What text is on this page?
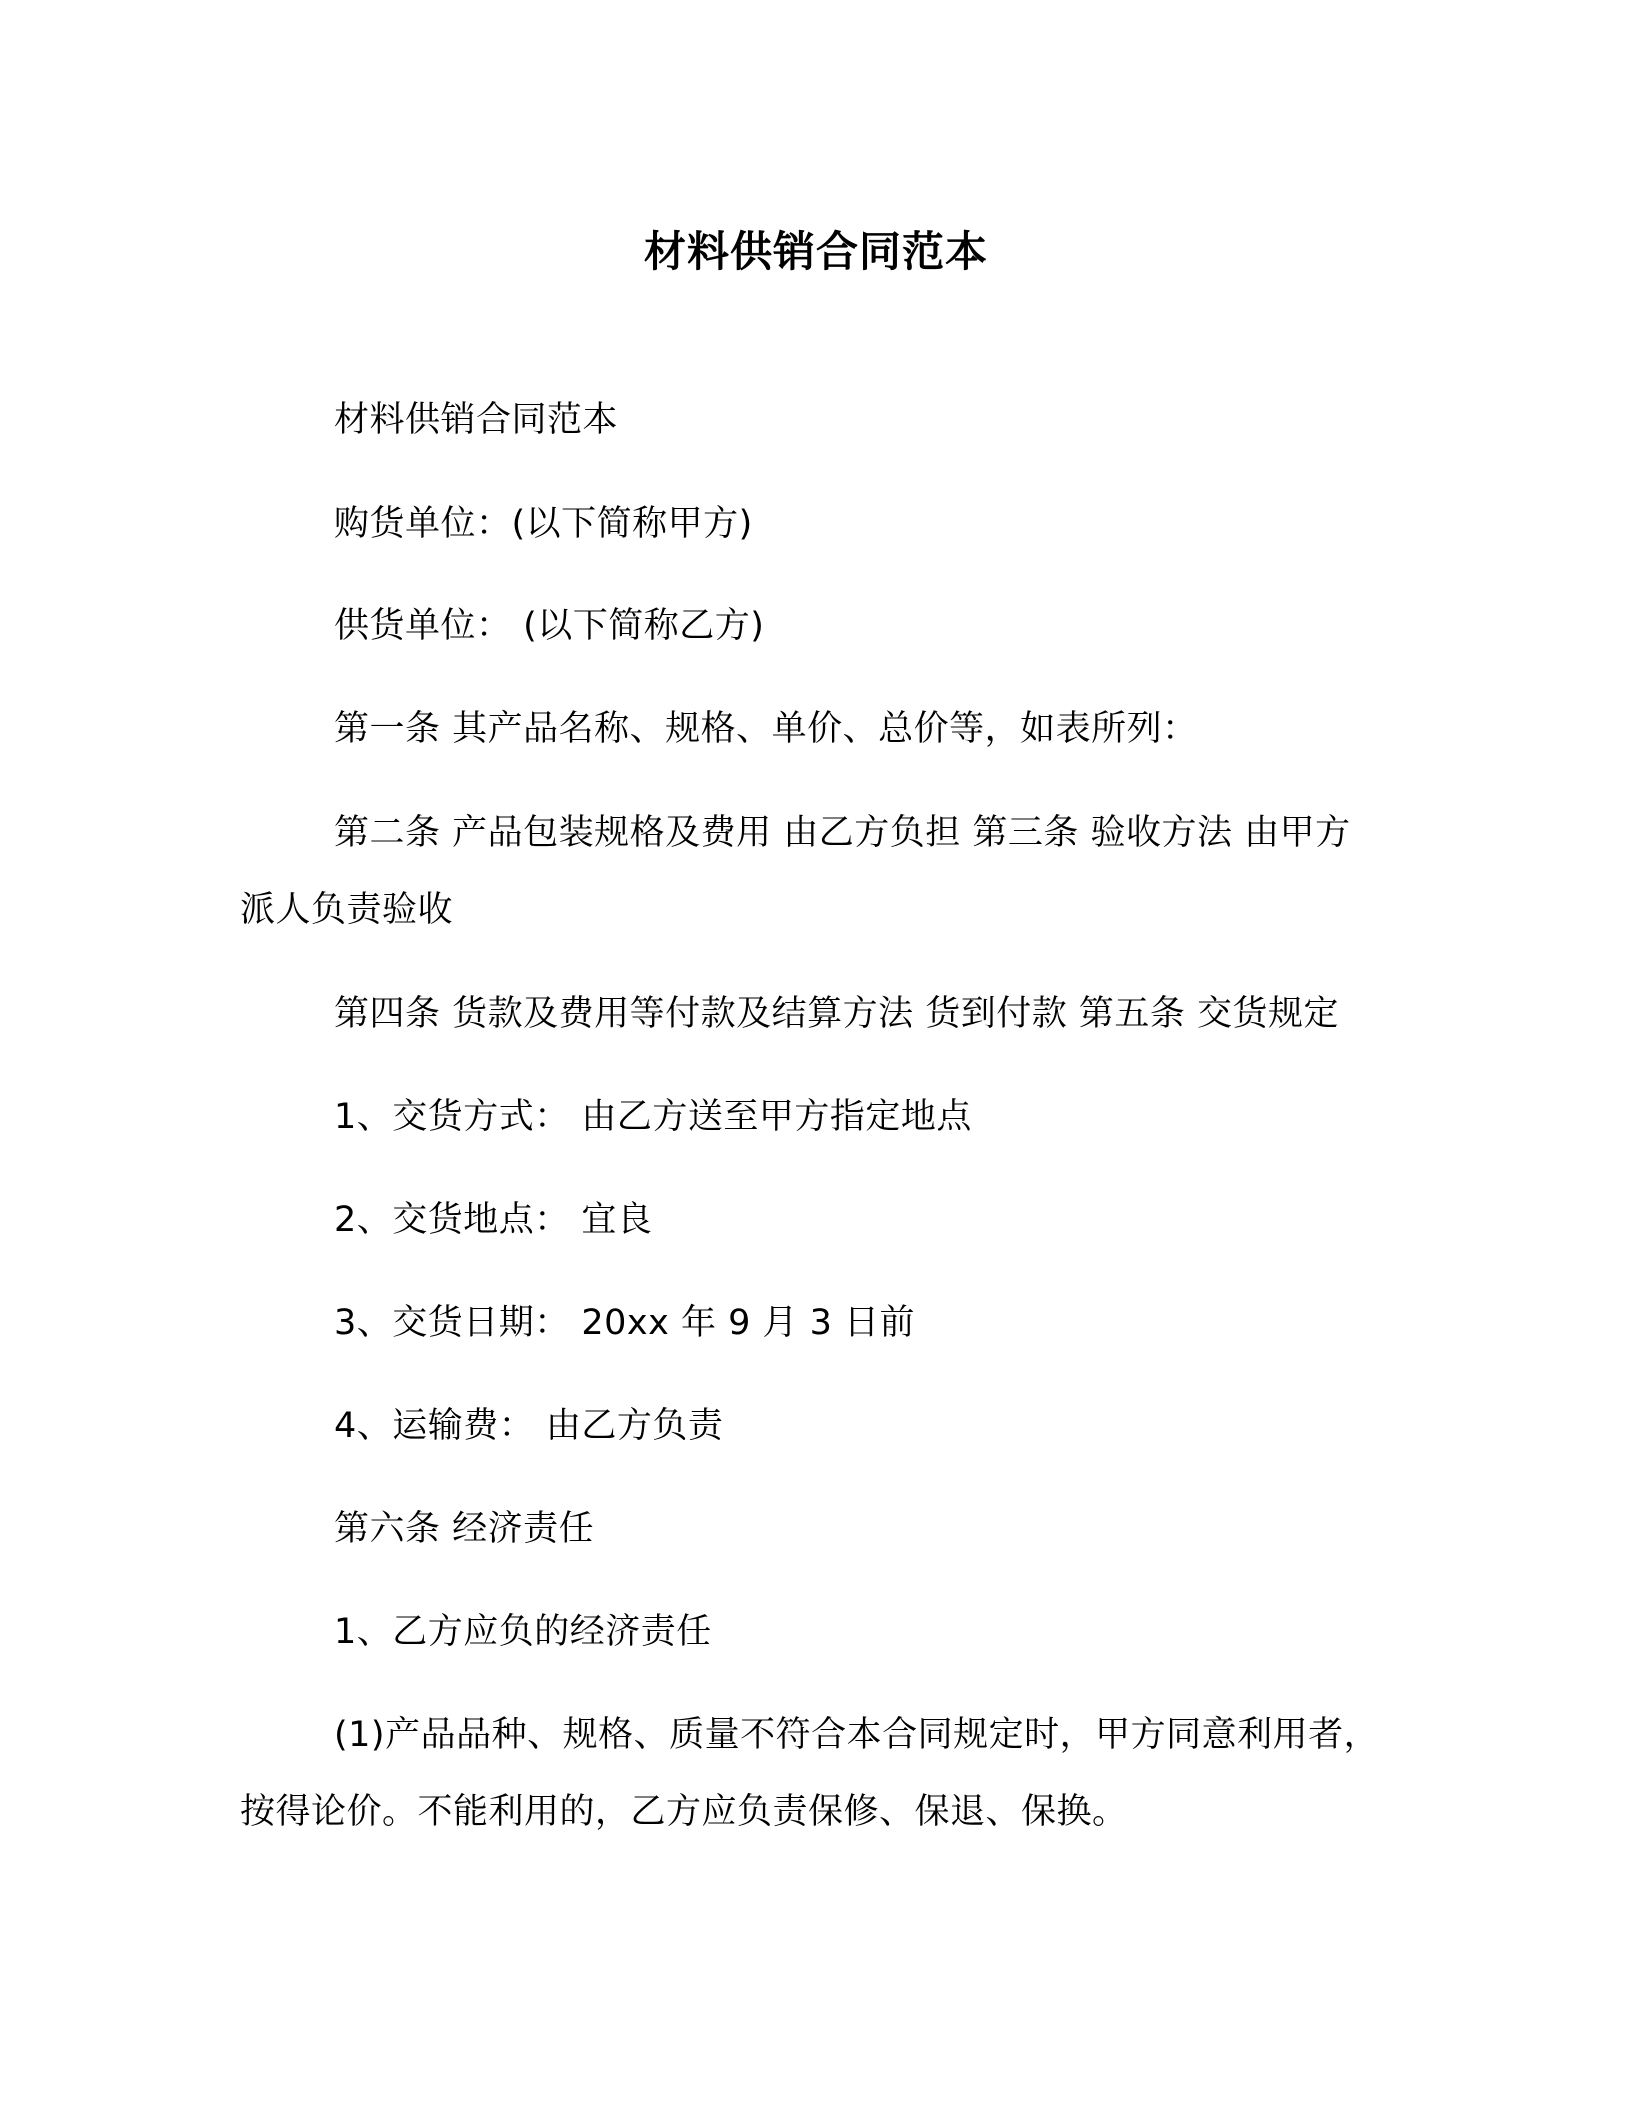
材料供销合同范本
材料供销合同范本
购货单位：(以下简称甲方)
供货单位： (以下简称乙方)
第一条 其产品名称、规格、单价、总价等，如表所列：
第二条 产品包装规格及费用 由乙方负担 第三条 验收方法 由甲方
派人负责验收
第四条 货款及费用等付款及结算方法 货到付款 第五条 交货规定
1、交货方式： 由乙方送至甲方指定地点
2、交货地点： 宜良
3、交货日期： 20xx 年 9 月 3 日前
4、运输费： 由乙方负责
第六条 经济责任
1、乙方应负的经济责任
(1)产品品种、规格、质量不符合本合同规定时，甲方同意利用者，
按得论价。不能利用的，乙方应负责保修、保退、保换。
